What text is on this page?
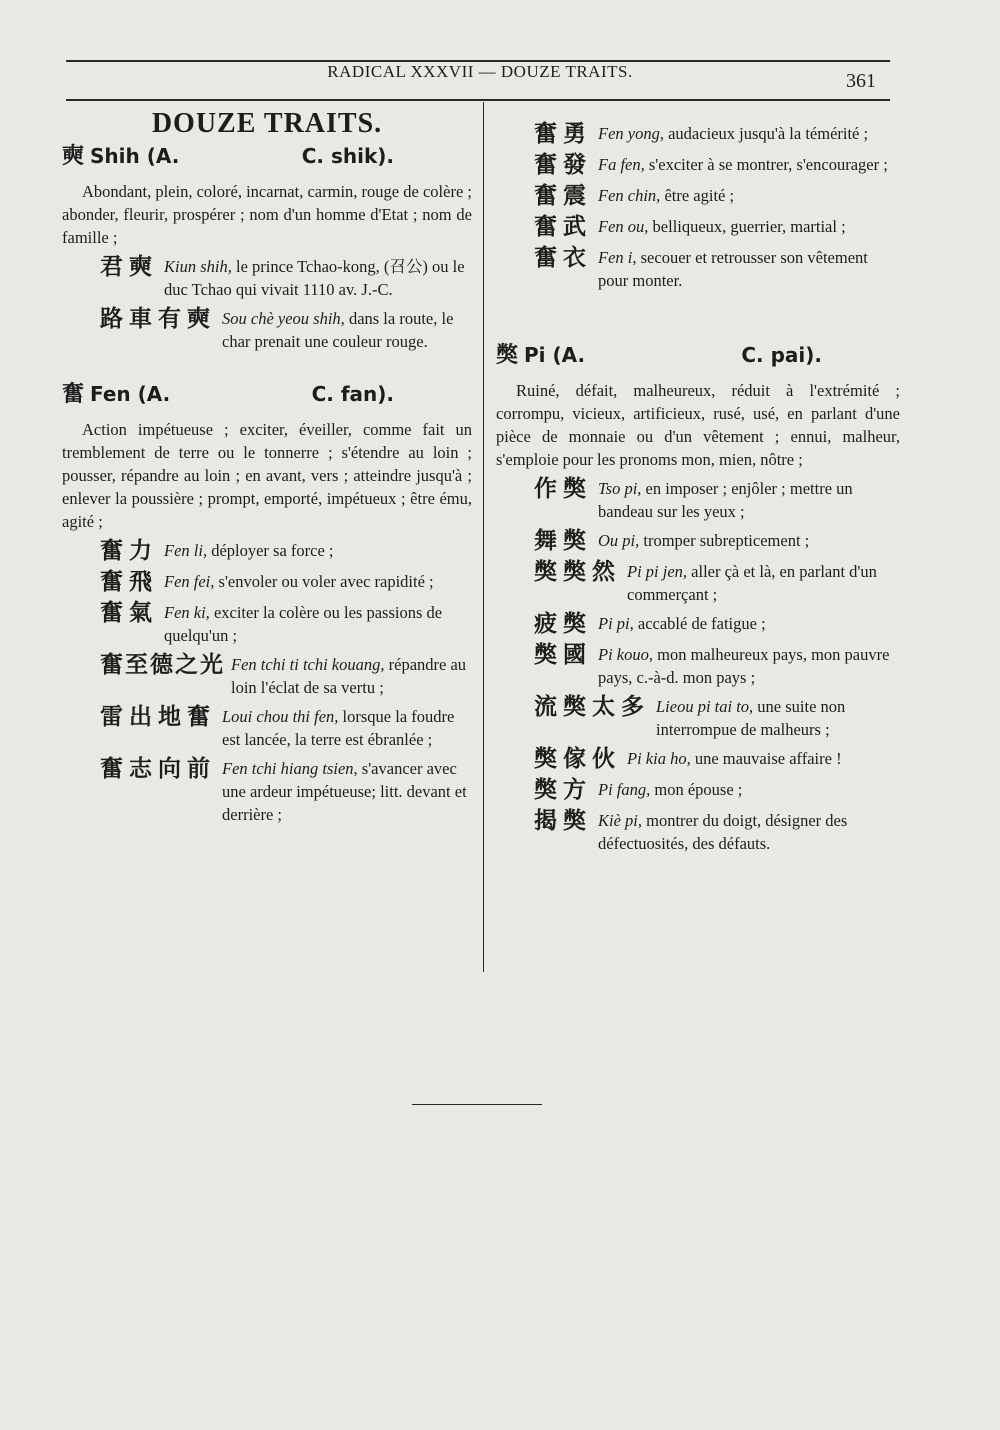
RADICAL XXXVII — DOUZE TRAITS.	361
DOUZE TRAITS.
奭 Shih (A.	C. shik).
Abondant, plein, coloré, incarnat, carmin, rouge de colère ; abonder, fleurir, prospérer ; nom d'un homme d'Etat ; nom de famille ;
君奭 Kiun shih, le prince Tchao-kong, (召公) ou le duc Tchao qui vivait 1110 av. J.-C.
路車有奭 Sou chè yeou shih, dans la route, le char prenait une couleur rouge.
奮 Fen (A.	C. fan).
Action impétueuse ; exciter, éveiller, comme fait un tremblement de terre ou le tonnerre ; s'étendre au loin ; pousser, répandre au loin ; en avant, vers ; atteindre jusqu'à ; enlever la poussière ; prompt, emporté, impétueux ; être ému, agité ;
奮力 Fen li, déployer sa force ;
奮飛 Fen fei, s'envoler ou voler avec rapidité ;
奮氣 Fen ki, exciter la colère ou les passions de quelqu'un ;
奮至德之光 Fen tchi ti tchi kouang, répandre au loin l'éclat de sa vertu ;
雷出地奮 Loui chou thi fen, lorsque la foudre est lancée, la terre est ébranlée ;
奮志向前 Fen tchi hiang tsien, s'avancer avec une ardeur impétueuse; litt. devant et derrière ;
奮勇 Fen yong, audacieux jusqu'à la témérité ;
奮發 Fa fen, s'exciter à se montrer, s'encourager ;
奮震 Fen chin, être agité ;
奮武 Fen ou, belliqueux, guerrier, martial ;
奮衣 Fen i, secouer et retrousser son vêtement pour monter.
獘 Pi (A.	C. pai).
Ruiné, défait, malheureux, réduit à l'extrémité ; corrompu, vicieux, artificieux, rusé, usé, en parlant d'une pièce de monnaie ou d'un vêtement ; ennui, malheur, s'emploie pour les pronoms mon, mien, nôtre ;
作獘 Tso pi, en imposer ; enjôler ; mettre un bandeau sur les yeux ;
舞獘 Ou pi, tromper subrepticement ;
獘獘然 Pi pi jen, aller çà et là, en parlant d'un commerçant ;
疲獘 Pi pi, accablé de fatigue ;
獘國 Pi kouo, mon malheureux pays, mon pauvre pays, c.-à-d. mon pays ;
流獘太多 Lieou pi tai to, une suite non interrompue de malheurs ;
獘傢伙 Pi kia ho, une mauvaise affaire !
獘方 Pi fang, mon épouse ;
揭獘 Kiè pi, montrer du doigt, désigner des défectuosités, des défauts.
